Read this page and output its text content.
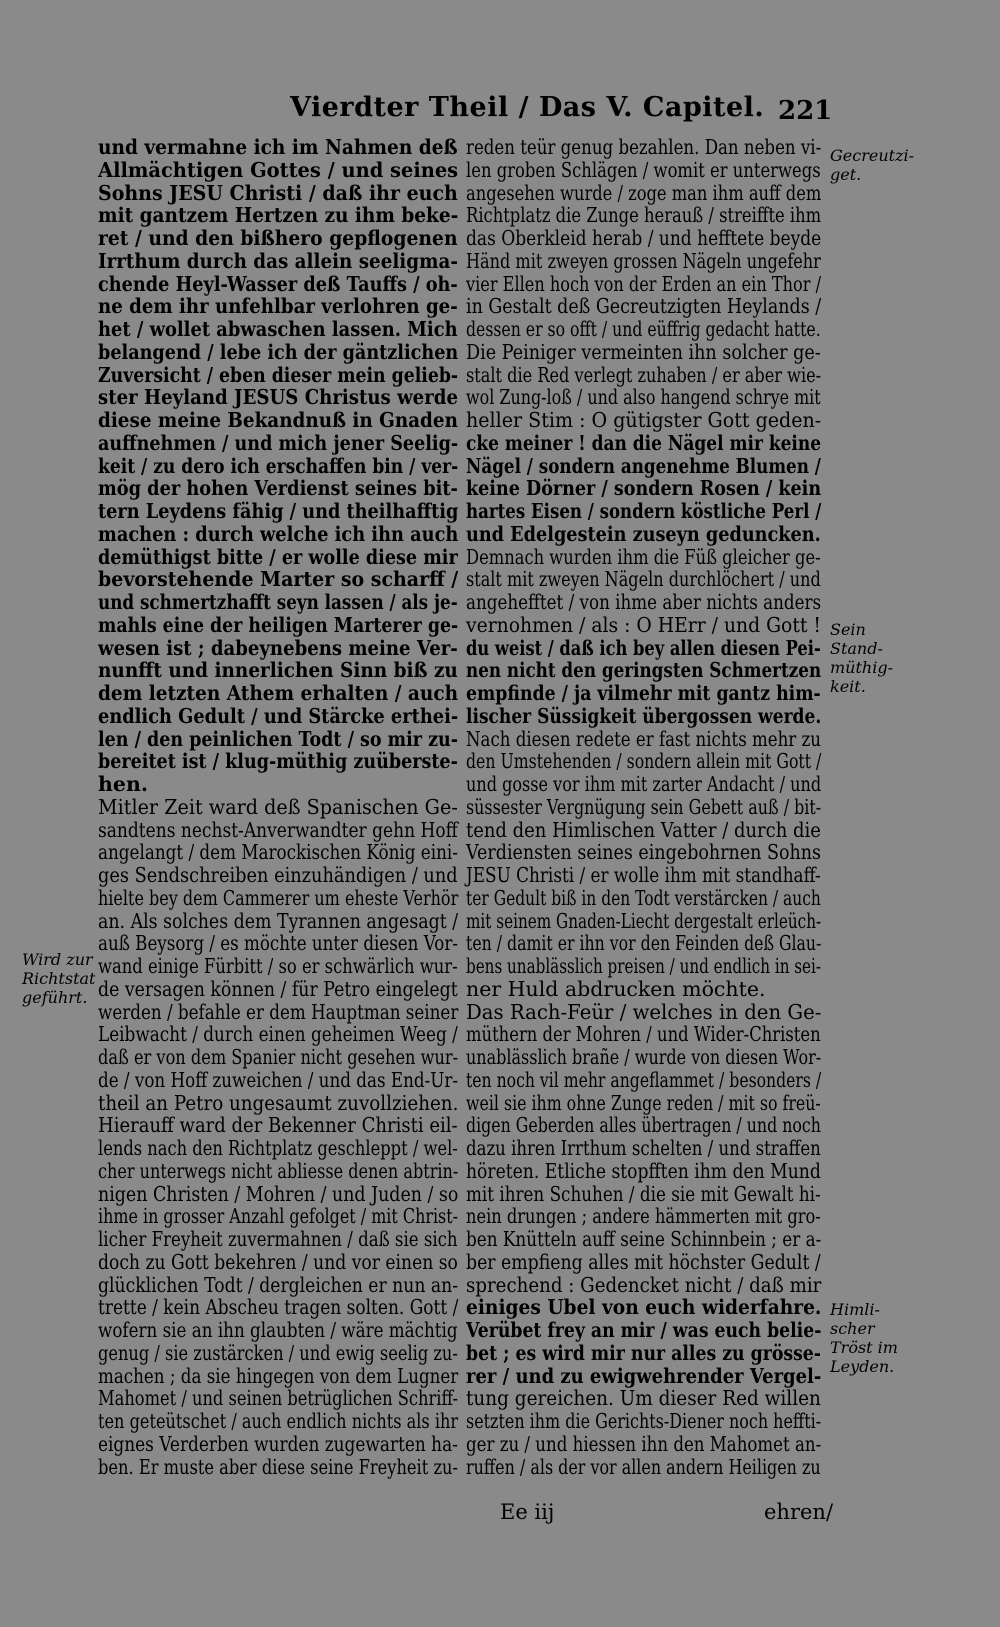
Vierdter Theil / Das V. Capitel. 221
und vermahne ich im Nahmen deß
Allmächtigen Gottes / und seines
Sohns JESU Christi / daß ihr euch
mit gantzem Hertzen zu ihm beke-
ret / und den bißhero gepflogenen
Irrthum durch das allein seeligma-
chende Heyl-Wasser deß Tauffs / oh-
ne dem ihr unfehlbar verlohren ge-
het / wollet abwaschen lassen. Mich
belangend / lebe ich der gäntzlichen
Zuversicht / eben dieser mein gelieb-
ster Heyland JESUS Christus werde
diese meine Bekandnuß in Gnaden
auffnehmen / und mich jener Seelig-
keit / zu dero ich erschaffen bin / ver-
mög der hohen Verdienst seines bit-
tern Leydens fähig / und theilhafftig
machen : durch welche ich ihn auch
demüthigst bitte / er wolle diese mir
bevorstehende Marter so scharff /
und schmertzhafft seyn lassen / als je-
mahls eine der heiligen Marterer ge-
wesen ist ; dabeynebens meine Ver-
nunfft und innerlichen Sinn biß zu
dem letzten Athem erhalten / auch
endlich Gedult / und Stärcke erthei-
len / den peinlichen Todt / so mir zu-
bereitet ist / klug-müthig zuüberste-
hen.
Mitler Zeit ward deß Spanischen Ge-
sandtens nechst-Anverwandter gehn Hoff
angelangt / dem Marockischen König eini-
ges Sendschreiben einzuhändigen / und
hielte bey dem Cammerer um eheste Verhör
an. Als solches dem Tyrannen angesagt /
auß Beysorg / es möchte unter diesen Vor-
wand einige Fürbitt / so er schwärlich wur-
de versagen können / für Petro eingelegt
werden / befahle er dem Hauptman seiner
Leibwacht / durch einen geheimen Weeg /
daß er von dem Spanier nicht gesehen wur-
de / von Hoff zuweichen / und das End-Ur-
theil an Petro ungesaumt zuvollziehen.
Hierauff ward der Bekenner Christi eil-
lends nach den Richtplatz geschleppt / wel-
cher unterwegs nicht abliesse denen abtrin-
nigen Christen / Mohren / und Juden / so
ihme in grosser Anzahl gefolget / mit Christ-
licher Freyheit zuvermahnen / daß sie sich
doch zu Gott bekehren / und vor einen so
glücklichen Todt / dergleichen er nun an-
trette / kein Abscheu tragen solten. Gott /
wofern sie an ihn glaubten / wäre mächtig
genug / sie zustärcken / und ewig seelig zu-
machen ; da sie hingegen von dem Lugner
Mahomet / und seinen betrüglichen Schriff-
ten geteütschet / auch endlich nichts als ihr
eignes Verderben wurden zugewarten ha-
ben. Er muste aber diese seine Freyheit zu-
reden teür genug bezahlen. Dan neben vi-
len groben Schlägen / womit er unterwegs
angesehen wurde / zoge man ihm auff dem
Richtplatz die Zunge herauß / streiffte ihm
das Oberkleid herab / und hefftete beyde
Händ mit zweyen grossen Nägeln ungefehr
vier Ellen hoch von der Erden an ein Thor /
in Gestalt deß Gecreutzigten Heylands /
dessen er so offt / und eüffrig gedacht hatte.
Die Peiniger vermeinten ihn solcher ge-
stalt die Red verlegt zuhaben / er aber wie-
wol Zung-loß / und also hangend schrye mit
heller Stim : O gütigster Gott geden-
cke meiner ! dan die Nägel mir keine
Nägel / sondern angenehme Blumen /
keine Dörner / sondern Rosen / kein
hartes Eisen / sondern köstliche Perl /
und Edelgestein zuseyn geduncken.
Demnach wurden ihm die Füß gleicher ge-
stalt mit zweyen Nägeln durchlöchert / und
angehefftet / von ihme aber nichts anders
vernohmen / als : O HErr / und Gott !
du weist / daß ich bey allen diesen Pei-
nen nicht den geringsten Schmertzen
empfinde / ja vilmehr mit gantz him-
lischer Süssigkeit übergossen werde.
Nach diesen redete er fast nichts mehr zu
den Umstehenden / sondern allein mit Gott /
und gosse vor ihm mit zarter Andacht / und
süssester Vergnügung sein Gebett auß / bit-
tend den Himlischen Vatter / durch die
Verdiensten seines eingebohrnen Sohns
JESU Christi / er wolle ihm mit standhaff-
ter Gedult biß in den Todt verstärcken / auch
mit seinem Gnaden-Liecht dergestalt erleüch-
ten / damit er ihn vor den Feinden deß Glau-
bens unablässlich preisen / und endlich in sei-
ner Huld abdrucken möchte.
Das Rach-Feür / welches in den Ge-
müthern der Mohren / und Wider-Christen
unablässlich brañe / wurde von diesen Wor-
ten noch vil mehr angeflammet / besonders /
weil sie ihm ohne Zunge reden / mit so freü-
digen Geberden alles übertragen / und noch
dazu ihren Irrthum schelten / und straffen
höreten. Etliche stopfften ihm den Mund
mit ihren Schuhen / die sie mit Gewalt hi-
nein drungen ; andere hämmerten mit gro-
ben Knütteln auff seine Schinnbein ; er a-
ber empfieng alles mit höchster Gedult /
sprechend : Gedencket nicht / daß mir
einiges Ubel von euch widerfahre.
Verübet frey an mir / was euch belie-
bet ; es wird mir nur alles zu grösse-
rer / und zu ewigwehrender Vergel-
tung gereichen. Um dieser Red willen
setzten ihm die Gerichts-Diener noch heffti-
ger zu / und hiessen ihn den Mahomet an-
ruffen / als der vor allen andern Heiligen zu
Wird zur Richtstat geführt.
Gecreutzi-get.
Sein Stand-müthig-keit.
Himli-scher Tröst im Leyden.
Ee iij	ehren/
